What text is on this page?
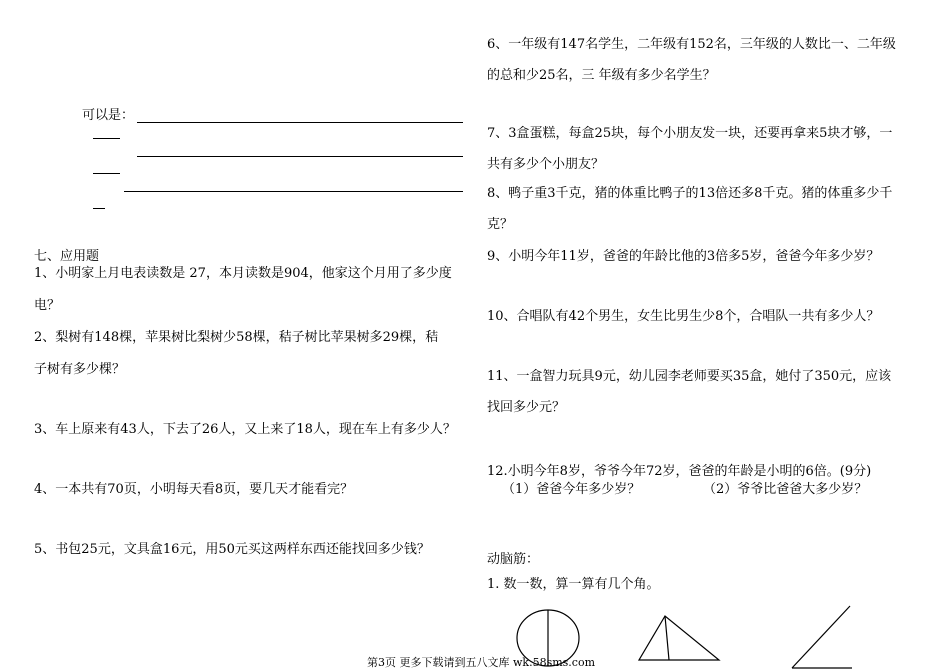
可以是：
七、应用题
1、小明家上月电表读数是 27，本月读数是904，他家这个月用了多少度
电？
2、梨树有148棵，苹果树比梨树少58棵，秸子树比苹果树多29棵，秸
子树有多少棵？
3、车上原来有43人，下去了26人，又上来了18人，现在车上有多少人？
4、一本共有70页，小明每天看8页，要几天才能看完？
5、书包25元，文具盒16元，用50元买这两样东西还能找回多少钱？
6、一年级有147名学生，二年级有152名，三年级的人数比一、二年级
的总和少25名，三 年级有多少名学生？
7、3盒蛋糕，每盒25块，每个小朋友发一块，还要再拿来5块才够，一
共有多少个小朋友？
8、鸭子重3千克，猪的体重比鸭子的13倍还多8千克。猪的体重多少千
克？
9、小明今年11岁，爸爸的年龄比他的3倍多5岁，爸爸今年多少岁？
10、合唱队有42个男生，女生比男生少8个，合唱队一共有多少人？
11、一盒智力玩具9元，幼儿园李老师要买35盒，她付了350元，应该
找回多少元？
12.小明今年8岁，爷爷今年72岁，爸爸的年龄是小明的6倍。(9分)
（1）爸爸今年多少岁？	（2）爷爷比爸爸大多少岁？
动脑筋：
1. 数一数，算一算有几个角。
第3页 更多下载请到五八文库 wk.58sms.com
